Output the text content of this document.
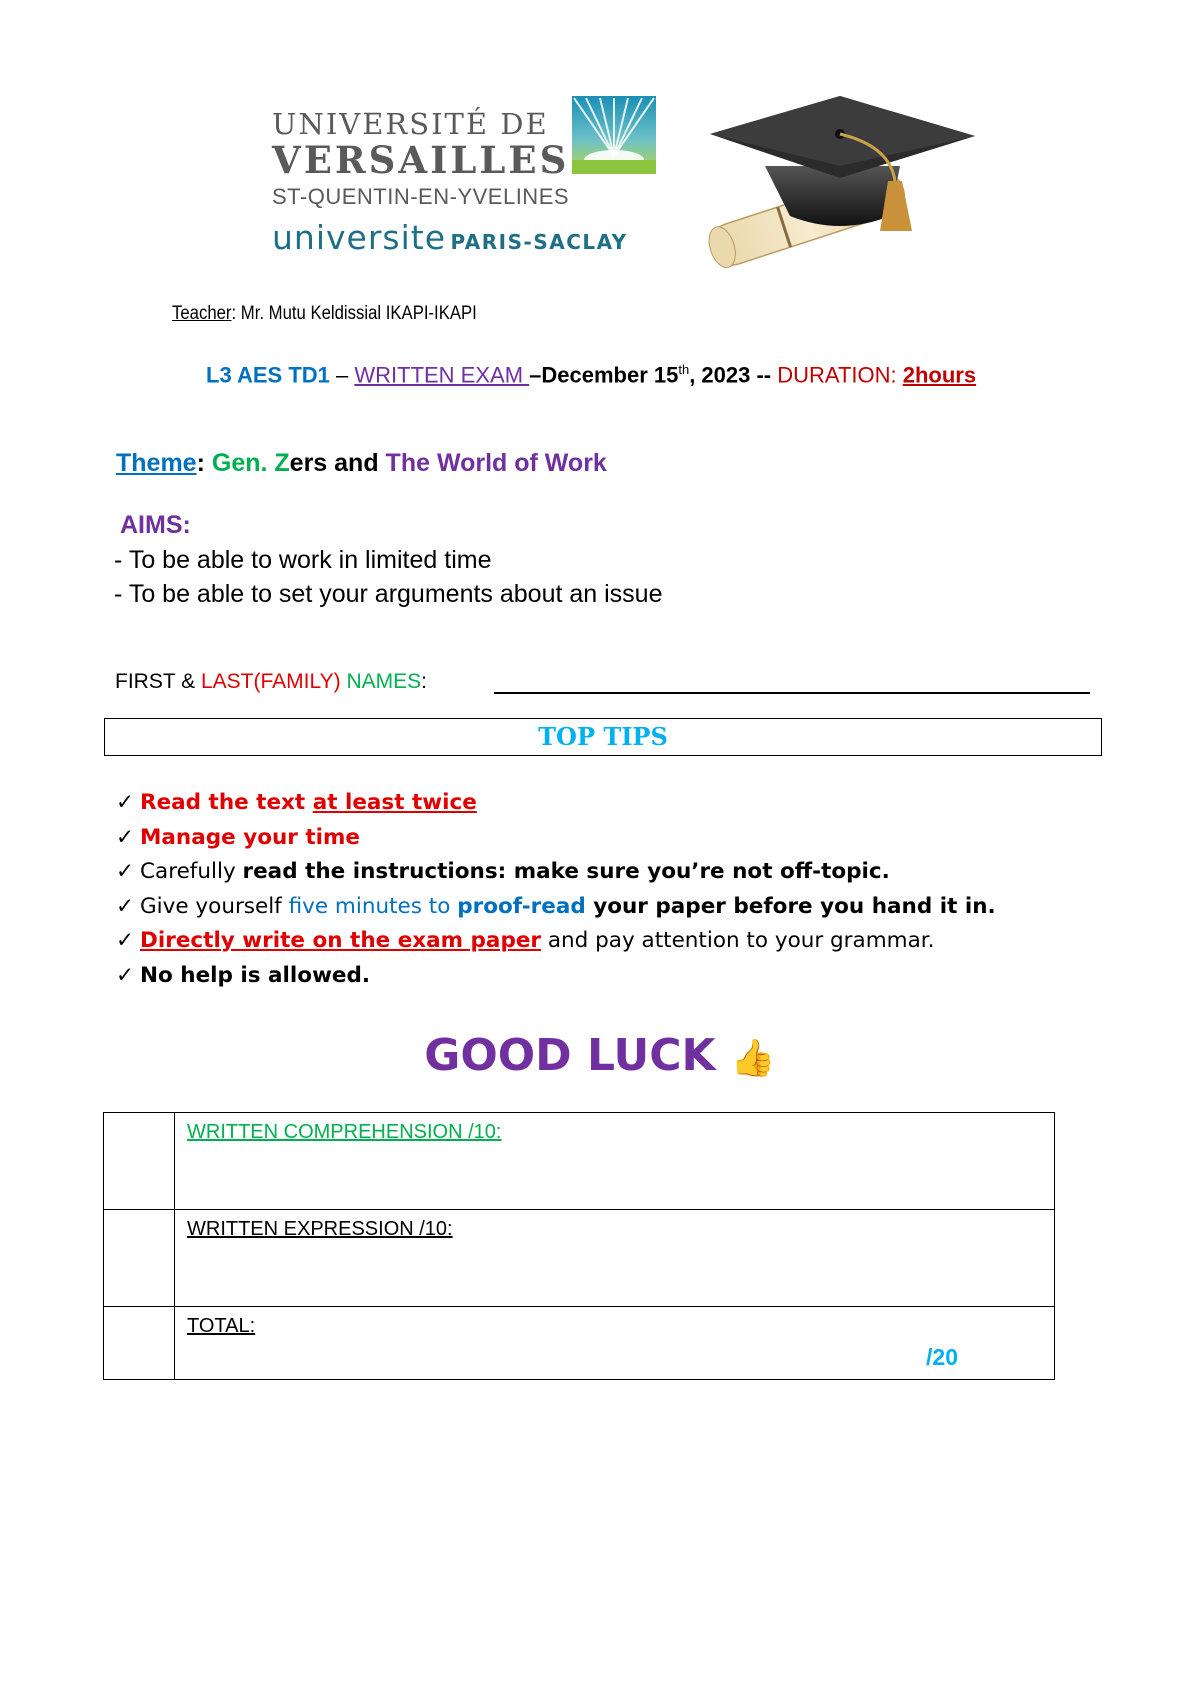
UNIVERSITÉ DE
VERSAILLES
ST-QUENTIN-EN-YVELINES
universite PARIS-SACLAY
Teacher: Mr. Mutu Keldissial IKAPI-IKAPI
L3 AES TD1 – WRITTEN EXAM –December 15th, 2023 -- DURATION: 2hours
Theme: Gen. Zers and The World of Work
AIMS:
- To be able to work in limited time
- To be able to set your arguments about an issue
FIRST & LAST(FAMILY) NAMES:
TOP TIPS
✓ Read the text at least twice
✓ Manage your time
✓ Carefully read the instructions: make sure you’re not off-topic.
✓ Give yourself five minutes to proof-read your paper before you hand it in.
✓ Directly write on the exam paper and pay attention to your grammar.
✓ No help is allowed.
GOOD LUCK 👍
	WRITTEN COMPREHENSION /10:
	WRITTEN EXPRESSION /10:

	TOTAL:
/20
